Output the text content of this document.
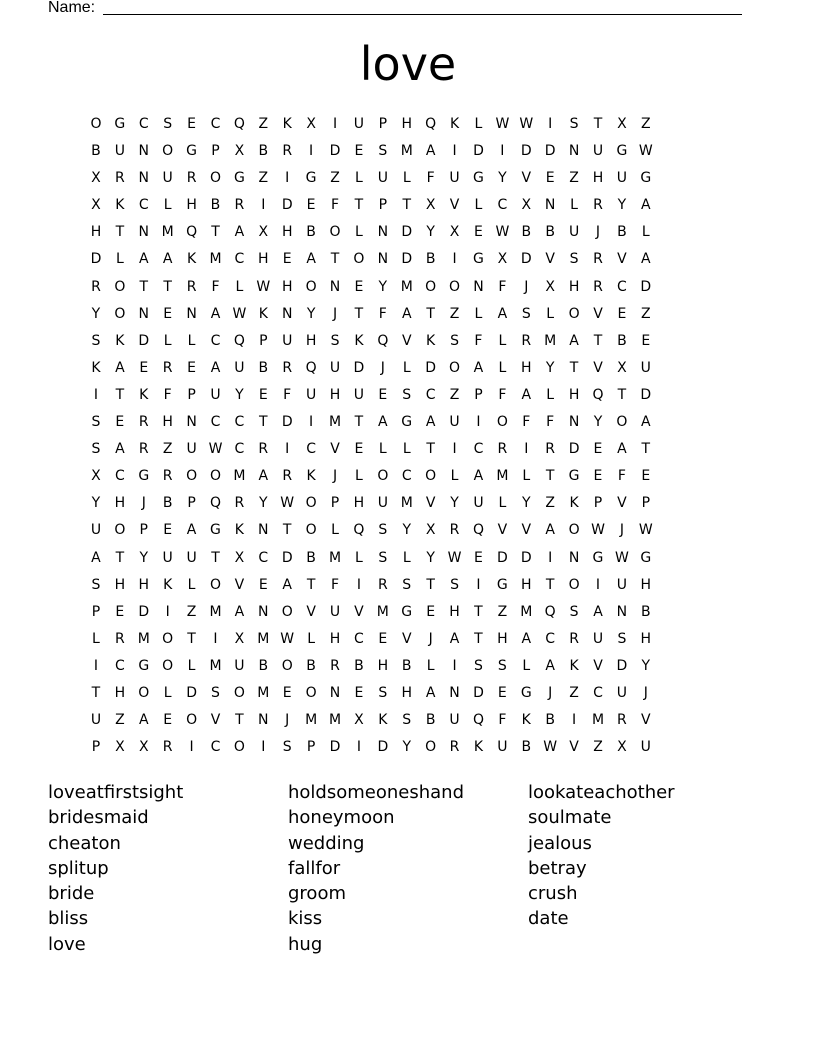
Name:
love
O G C	S	E	C Q Z	K	X	I	U	P	H Q K	L W W	I	S	T	X	Z
B U N O G	P	X	B	R	I	D	E	S M A	I	D	I	D D N U G W
X	R N U R O G Z	I	G Z	L	U	L	F	U G	Y	V	E	Z H U G
X	K	C	L	H B	R	I	D	E	F	T	P	T	X	V	L	C	X N	L	R	Y	A
H	T	N M Q	T	A	X H B O	L	N D	Y	X	E W B	B U	J	B	L
D	L	A	A	K M C H	E	A	T	O N D B	I	G X D V	S	R	V	A
R O	T	T	R	F	L W H O N	E	Y M O O N	F	J	X H R	C D
Y	O N	E	N A W K	N	Y	J	T	F	A	T	Z	L	A	S	L	O V	E	Z
S	K D	L	L	C Q	P	U H	S	K Q V	K	S	F	L	R M A	T	B	E
K	A	E	R	E	A	U B	R Q U D	J	L	D O A	L	H	Y	T	V	X U
I	T	K	F	P	U	Y	E	F	U H U	E	S	C	Z	P	F	A	L	H Q	T	D
S	E	R H N C	C	T	D	I	M T	A G A	U	I	O	F	F	N	Y	O A
S	A	R	Z U W C	R	I	C	V	E	L	L	T	I	C	R	I	R D	E	A	T
X	C G R O O M A	R	K	J	L	O C O	L	A M L	T	G	E	F	E
Y	H	J	B	P	Q R	Y W O	P	H U M V	Y	U	L	Y	Z	K	P	V	P
U O	P	E	A G K	N	T	O	L	Q S	Y	X	R Q V	V	A O W	J	W
A	T	Y	U U	T	X	C D B M L	S	L	Y W E	D D	I	N G W G
S	H H	K	L	O V	E	A	T	F	I	R	S	T	S	I	G H	T	O	I	U H
P	E	D	I	Z M A N O V	U V M G	E	H	T	Z M Q S	A N B
L	R M O	T	I	X M W L	H C	E	V	J	A	T	H A	C	R U	S	H
I	C G O	L M U B O B	R	B H B	L	I	S	S	L	A	K	V D	Y
T	H O	L	D	S O M E O N	E	S	H A N D	E	G	J	Z	C U	J
U Z	A	E O V	T	N	J	M M X	K	S	B U Q	F	K	B	I	M R	V
P	X	X	R	I	C O	I	S	P	D	I	D	Y	O R	K	U B W V	Z	X U
loveatfirstsight
bridesmaid
cheaton
splitup
bride
bliss
love
holdsomeoneshand
honeymoon
wedding
fallfor
groom
kiss
hug
lookateachother
soulmate
jealous
betray
crush
date
